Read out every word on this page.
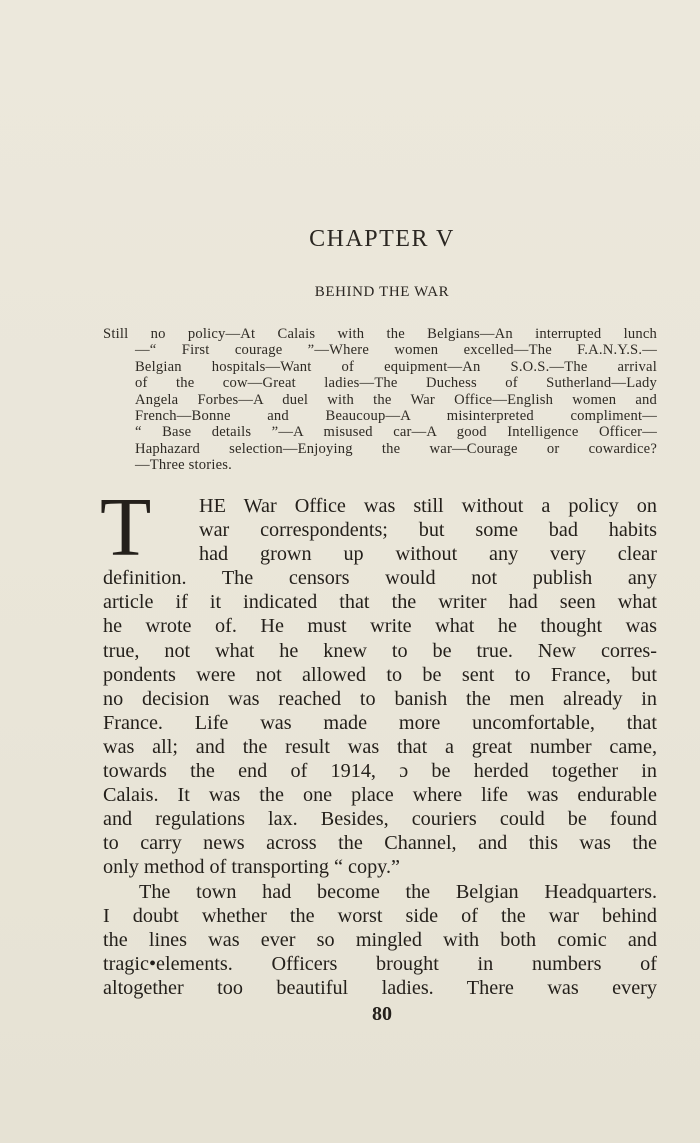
CHAPTER V
BEHIND THE WAR
Still no policy—At Calais with the Belgians—An interrupted lunch
—“ First courage ”—Where women excelled—The F.A.N.Y.S.—
Belgian hospitals—Want of equipment—An S.O.S.—The arrival
of the cow—Great ladies—The Duchess of Sutherland—Lady
Angela Forbes—A duel with the War Office—English women and
French—Bonne and Beaucoup—A misinterpreted compliment—
“ Base details ”—A misused car—A good Intelligence Officer—
Haphazard selection—Enjoying the war—Courage or cowardice?
—Three stories.
T	HE War Office was still without a policy on
war correspondents; but some bad habits
had grown up without any very clear
definition. The censors would not publish any
article if it indicated that the writer had seen what
he wrote of. He must write what he thought was
true, not what he knew to be true. New corres-
pondents were not allowed to be sent to France, but
no decision was reached to banish the men already in
France. Life was made more uncomfortable, that
was all; and the result was that a great number came,
towards the end of 1914, ɔ be herded together in
Calais. It was the one place where life was endurable
and regulations lax. Besides, couriers could be found
to carry news across the Channel, and this was the
only method of transporting “ copy.”
The town had become the Belgian Headquarters.
I doubt whether the worst side of the war behind
the lines was ever so mingled with both comic and
tragic•elements. Officers brought in numbers of
altogether too beautiful ladies. There was every
80
